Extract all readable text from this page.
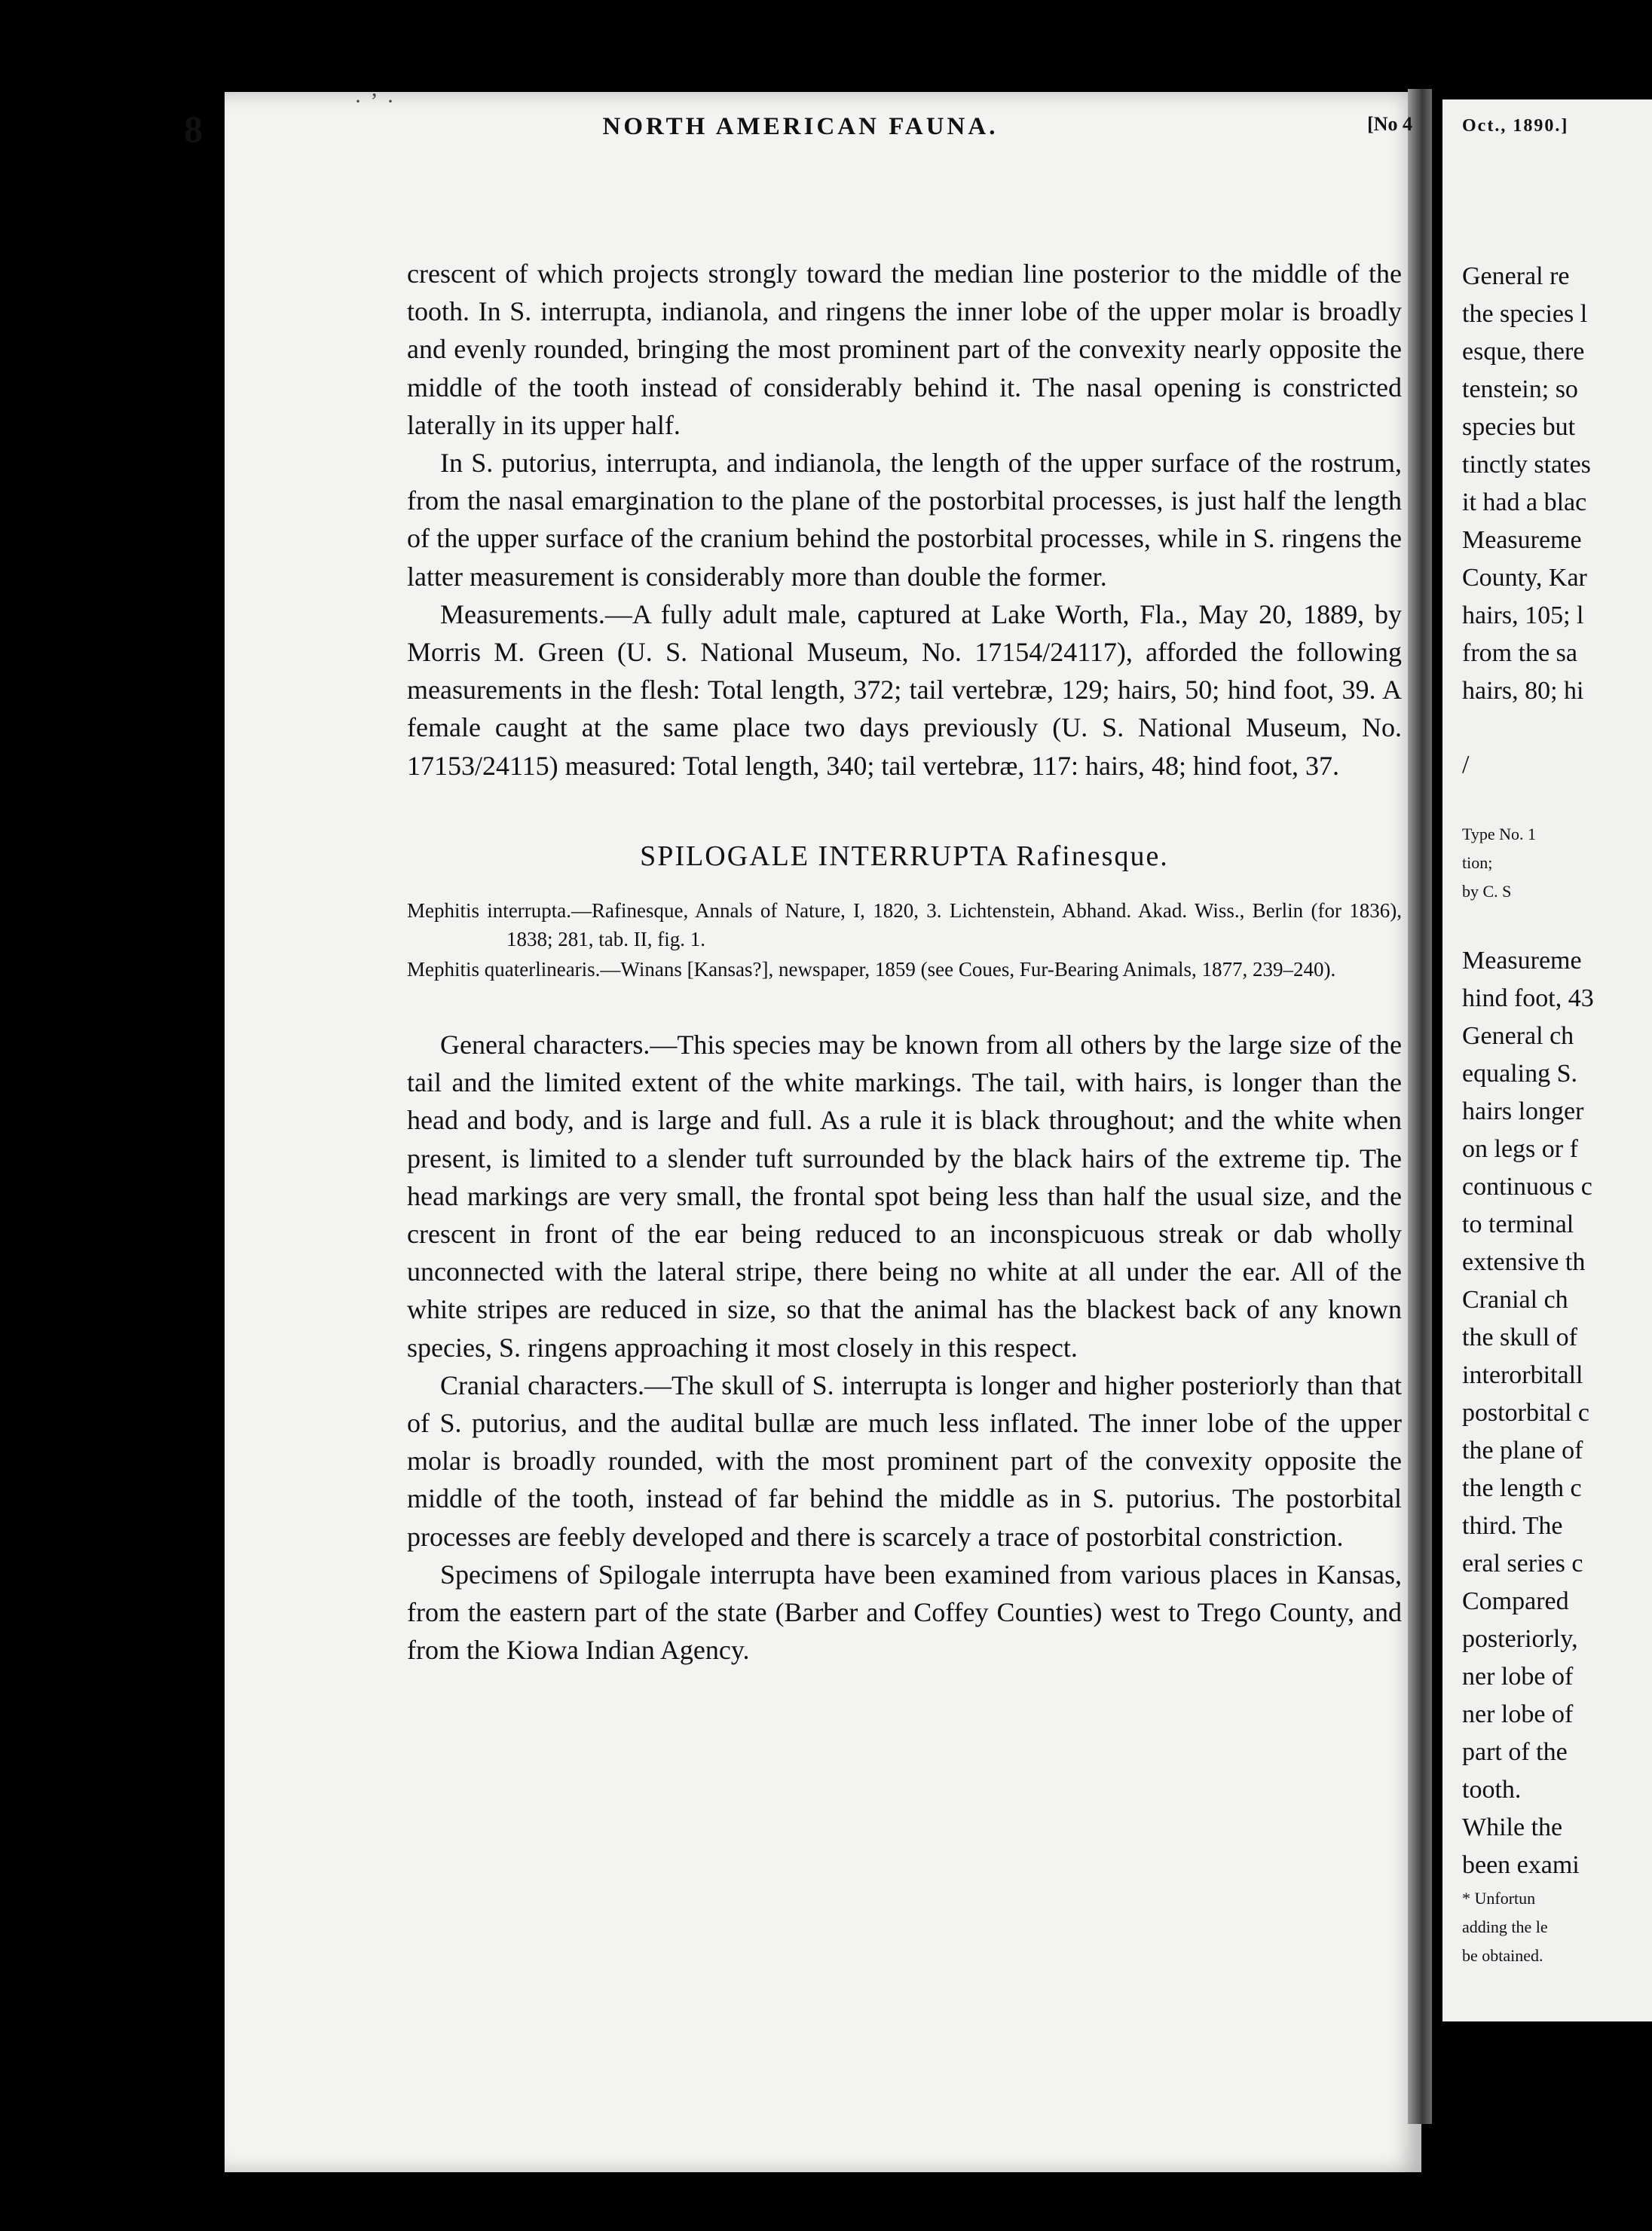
· ʼ ·
8	NORTH AMERICAN FAUNA.	[No 4

crescent of which projects strongly toward the median line posterior to the middle of the tooth. In S. interrupta, indianola, and ringens the inner lobe of the upper molar is broadly and evenly rounded, bringing the most prominent part of the convexity nearly opposite the middle of the tooth instead of considerably behind it. The nasal opening is constricted laterally in its upper half.

In S. putorius, interrupta, and indianola, the length of the upper surface of the rostrum, from the nasal emargination to the plane of the postorbital processes, is just half the length of the upper surface of the cranium behind the postorbital processes, while in S. ringens the latter measurement is considerably more than double the former.

Measurements.—A fully adult male, captured at Lake Worth, Fla., May 20, 1889, by Morris M. Green (U. S. National Museum, No. 17154/24117), afforded the following measurements in the flesh: Total length, 372; tail vertebræ, 129; hairs, 50; hind foot, 39. A female caught at the same place two days previously (U. S. National Museum, No. 17153/24115) measured: Total length, 340; tail vertebræ, 117: hairs, 48; hind foot, 37.

SPILOGALE INTERRUPTA Rafinesque.

Mephitis interrupta.—Rafinesque, Annals of Nature, I, 1820, 3. Lichtenstein, Abhand. Akad. Wiss., Berlin (for 1836), 1838; 281, tab. II, fig. 1.

Mephitis quaterlinearis.—Winans [Kansas?], newspaper, 1859 (see Coues, Fur-Bearing Animals, 1877, 239–240).

General characters.—This species may be known from all others by the large size of the tail and the limited extent of the white markings. The tail, with hairs, is longer than the head and body, and is large and full. As a rule it is black throughout; and the white when present, is limited to a slender tuft surrounded by the black hairs of the extreme tip. The head markings are very small, the frontal spot being less than half the usual size, and the crescent in front of the ear being reduced to an inconspicuous streak or dab wholly unconnected with the lateral stripe, there being no white at all under the ear. All of the white stripes are reduced in size, so that the animal has the blackest back of any known species, S. ringens approaching it most closely in this respect.

Cranial characters.—The skull of S. interrupta is longer and higher posteriorly than that of S. putorius, and the audital bullæ are much less inflated. The inner lobe of the upper molar is broadly rounded, with the most prominent part of the convexity opposite the middle of the tooth, instead of far behind the middle as in S. putorius. The postorbital processes are feebly developed and there is scarcely a trace of postorbital constriction.

Specimens of Spilogale interrupta have been examined from various places in Kansas, from the eastern part of the state (Barber and Coffey Counties) west to Trego County, and from the Kiowa Indian Agency.

Oct., 1890.]
General re
the species l
esque, there
tenstein; so
species but
tinctly states
it had a blac
Measureme
County, Kar
hairs, 105; l
from the sa
hairs, 80; hi
/
Type No. 1
tion;
by C. S
Measureme
hind foot, 43
General ch
equaling S.
hairs longer
on legs or f
continuous c
to terminal
extensive th
Cranial ch
the skull of
interorbitall
postorbital c
the plane of
the length c
third. The
eral series c
Compared
posteriorly,
ner lobe of
ner lobe of
part of the
tooth.
While the
been exami
* Unfortun
adding the le
be obtained.
